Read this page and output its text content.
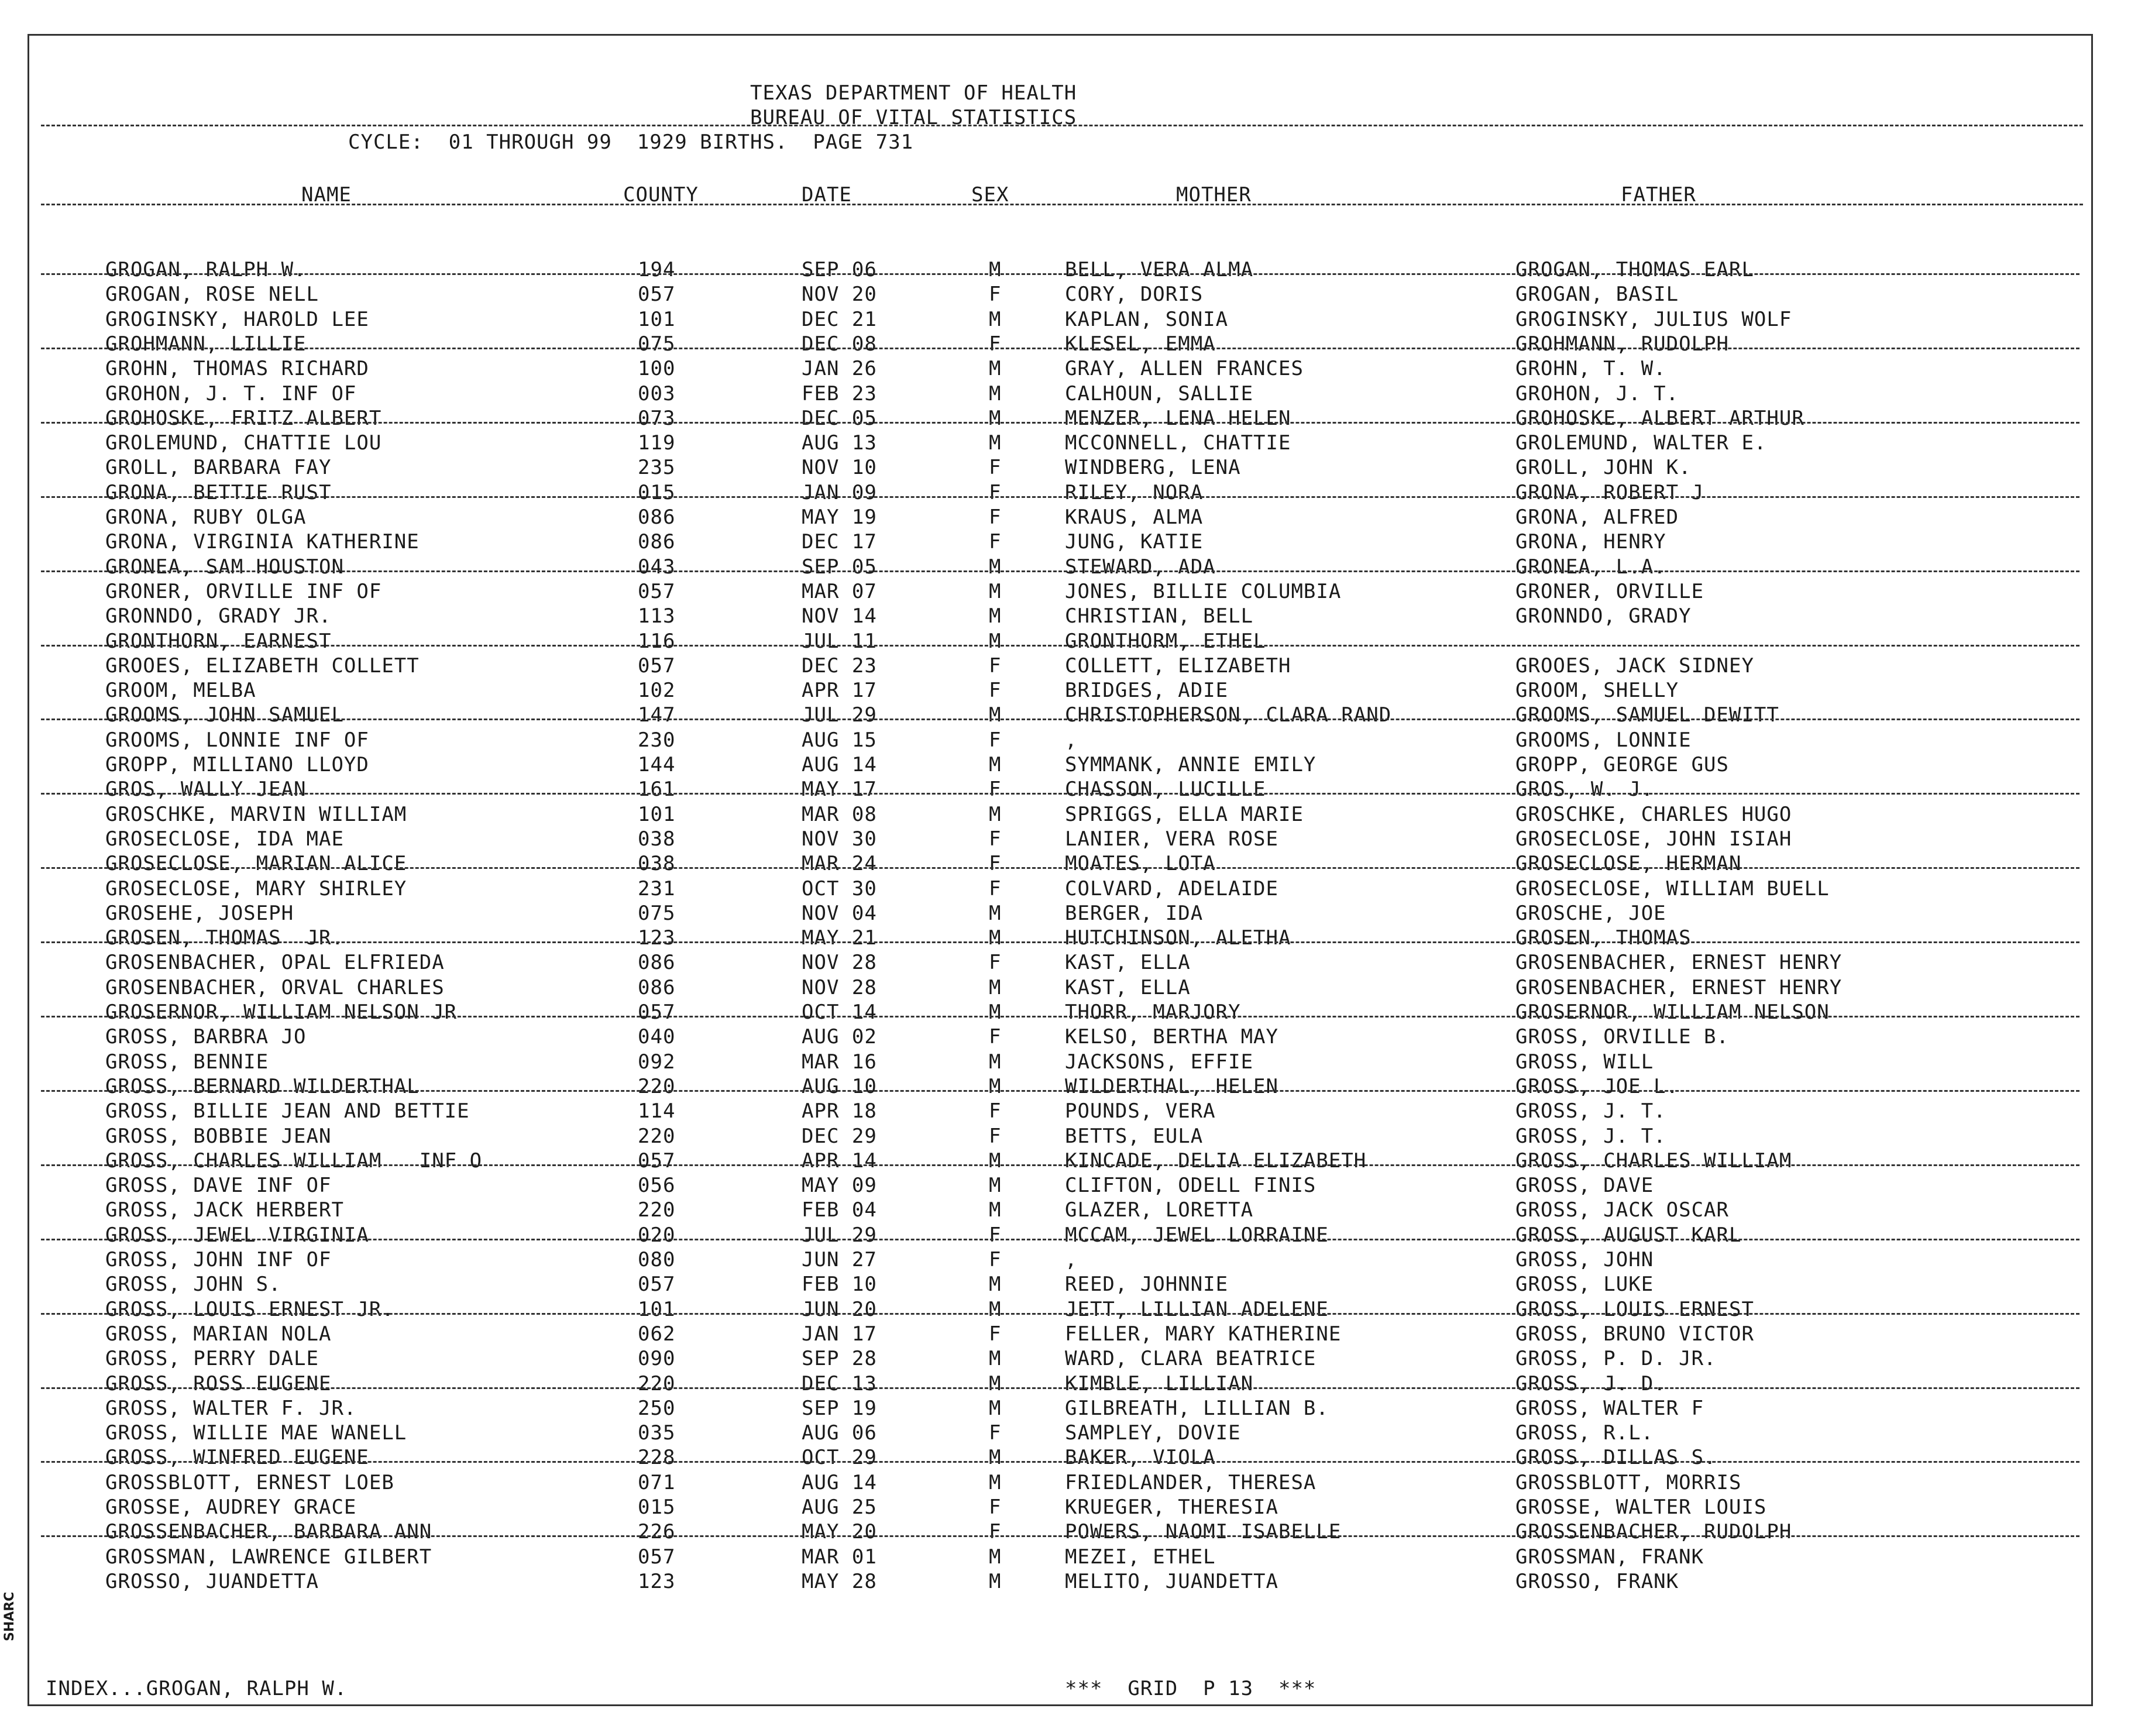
TEXAS DEPARTMENT OF HEALTH
BUREAU OF VITAL STATISTICS
CYCLE:  01 THROUGH 99  1929 BIRTHS.  PAGE 731
NAME	COUNTY	DATE	SEX	MOTHER	FATHER
GROGAN, RALPH W.	194	SEP 06	M	BELL, VERA ALMA	GROGAN, THOMAS EARL
GROGAN, ROSE NELL	057	NOV 20	F	CORY, DORIS	GROGAN, BASIL
GROGINSKY, HAROLD LEE	101	DEC 21	M	KAPLAN, SONIA	GROGINSKY, JULIUS WOLF
GROHMANN, LILLIE	075	DEC 08	F	KLESEL, EMMA	GROHMANN, RUDOLPH
GROHN, THOMAS RICHARD	100	JAN 26	M	GRAY, ALLEN FRANCES	GROHN, T. W.
GROHON, J. T. INF OF	003	FEB 23	M	CALHOUN, SALLIE	GROHON, J. T.
GROHOSKE, FRITZ ALBERT	073	DEC 05	M	MENZER, LENA HELEN	GROHOSKE, ALBERT ARTHUR
GROLEMUND, CHATTIE LOU	119	AUG 13	M	MCCONNELL, CHATTIE	GROLEMUND, WALTER E.
GROLL, BARBARA FAY	235	NOV 10	F	WINDBERG, LENA	GROLL, JOHN K.
GRONA, BETTIE RUST	015	JAN 09	F	RILEY, NORA	GRONA, ROBERT J
GRONA, RUBY OLGA	086	MAY 19	F	KRAUS, ALMA	GRONA, ALFRED
GRONA, VIRGINIA KATHERINE	086	DEC 17	F	JUNG, KATIE	GRONA, HENRY
GRONEA, SAM HOUSTON	043	SEP 05	M	STEWARD, ADA	GRONEA, L.A.
GRONER, ORVILLE INF OF	057	MAR 07	M	JONES, BILLIE COLUMBIA	GRONER, ORVILLE
GRONNDO, GRADY JR.	113	NOV 14	M	CHRISTIAN, BELL	GRONNDO, GRADY
GRONTHORN, EARNEST	116	JUL 11	M	GRONTHORM, ETHEL
GROOES, ELIZABETH COLLETT	057	DEC 23	F	COLLETT, ELIZABETH	GROOES, JACK SIDNEY
GROOM, MELBA	102	APR 17	F	BRIDGES, ADIE	GROOM, SHELLY
GROOMS, JOHN SAMUEL	147	JUL 29	M	CHRISTOPHERSON, CLARA RAND	GROOMS, SAMUEL DEWITT
GROOMS, LONNIE INF OF	230	AUG 15	F	,	GROOMS, LONNIE
GROPP, MILLIANO LLOYD	144	AUG 14	M	SYMMANK, ANNIE EMILY	GROPP, GEORGE GUS
GROS, WALLY JEAN	161	MAY 17	F	CHASSON, LUCILLE	GROS, W. J.
GROSCHKE, MARVIN WILLIAM	101	MAR 08	M	SPRIGGS, ELLA MARIE	GROSCHKE, CHARLES HUGO
GROSECLOSE, IDA MAE	038	NOV 30	F	LANIER, VERA ROSE	GROSECLOSE, JOHN ISIAH
GROSECLOSE, MARIAN ALICE	038	MAR 24	F	MOATES, LOTA	GROSECLOSE, HERMAN
GROSECLOSE, MARY SHIRLEY	231	OCT 30	F	COLVARD, ADELAIDE	GROSECLOSE, WILLIAM BUELL
GROSEHE, JOSEPH	075	NOV 04	M	BERGER, IDA	GROSCHE, JOE
GROSEN, THOMAS  JR.	123	MAY 21	M	HUTCHINSON, ALETHA	GROSEN, THOMAS
GROSENBACHER, OPAL ELFRIEDA	086	NOV 28	F	KAST, ELLA	GROSENBACHER, ERNEST HENRY
GROSENBACHER, ORVAL CHARLES	086	NOV 28	M	KAST, ELLA	GROSENBACHER, ERNEST HENRY
GROSERNOR, WILLIAM NELSON JR	057	OCT 14	M	THORR, MARJORY	GROSERNOR, WILLIAM NELSON
GROSS, BARBRA JO	040	AUG 02	F	KELSO, BERTHA MAY	GROSS, ORVILLE B.
GROSS, BENNIE	092	MAR 16	M	JACKSONS, EFFIE	GROSS, WILL
GROSS, BERNARD WILDERTHAL	220	AUG 10	M	WILDERTHAL, HELEN	GROSS, JOE L.
GROSS, BILLIE JEAN AND BETTIE	114	APR 18	F	POUNDS, VERA	GROSS, J. T.
GROSS, BOBBIE JEAN	220	DEC 29	F	BETTS, EULA	GROSS, J. T.
GROSS, CHARLES WILLIAM   INF O	057	APR 14	M	KINCADE, DELIA ELIZABETH	GROSS, CHARLES WILLIAM
GROSS, DAVE INF OF	056	MAY 09	M	CLIFTON, ODELL FINIS	GROSS, DAVE
GROSS, JACK HERBERT	220	FEB 04	M	GLAZER, LORETTA	GROSS, JACK OSCAR
GROSS, JEWEL VIRGINIA	020	JUL 29	F	MCCAM, JEWEL LORRAINE	GROSS, AUGUST KARL
GROSS, JOHN INF OF	080	JUN 27	F	,	GROSS, JOHN
GROSS, JOHN S.	057	FEB 10	M	REED, JOHNNIE	GROSS, LUKE
GROSS, LOUIS ERNEST JR.	101	JUN 20	M	JETT, LILLIAN ADELENE	GROSS, LOUIS ERNEST
GROSS, MARIAN NOLA	062	JAN 17	F	FELLER, MARY KATHERINE	GROSS, BRUNO VICTOR
GROSS, PERRY DALE	090	SEP 28	M	WARD, CLARA BEATRICE	GROSS, P. D. JR.
GROSS, ROSS EUGENE	220	DEC 13	M	KIMBLE, LILLIAN	GROSS, J. D.
GROSS, WALTER F. JR.	250	SEP 19	M	GILBREATH, LILLIAN B.	GROSS, WALTER F
GROSS, WILLIE MAE WANELL	035	AUG 06	F	SAMPLEY, DOVIE	GROSS, R.L.
GROSS, WINFRED EUGENE	228	OCT 29	M	BAKER, VIOLA	GROSS, DILLAS S.
GROSSBLOTT, ERNEST LOEB	071	AUG 14	M	FRIEDLANDER, THERESA	GROSSBLOTT, MORRIS
GROSSE, AUDREY GRACE	015	AUG 25	F	KRUEGER, THERESIA	GROSSE, WALTER LOUIS
GROSSENBACHER, BARBARA ANN	226	MAY 20	F	POWERS, NAOMI ISABELLE	GROSSENBACHER, RUDOLPH
GROSSMAN, LAWRENCE GILBERT	057	MAR 01	M	MEZEI, ETHEL	GROSSMAN, FRANK
GROSSO, JUANDETTA	123	MAY 28	M	MELITO, JUANDETTA	GROSSO, FRANK
INDEX...GROGAN, RALPH W.	***  GRID  P 13  ***
SHARC
